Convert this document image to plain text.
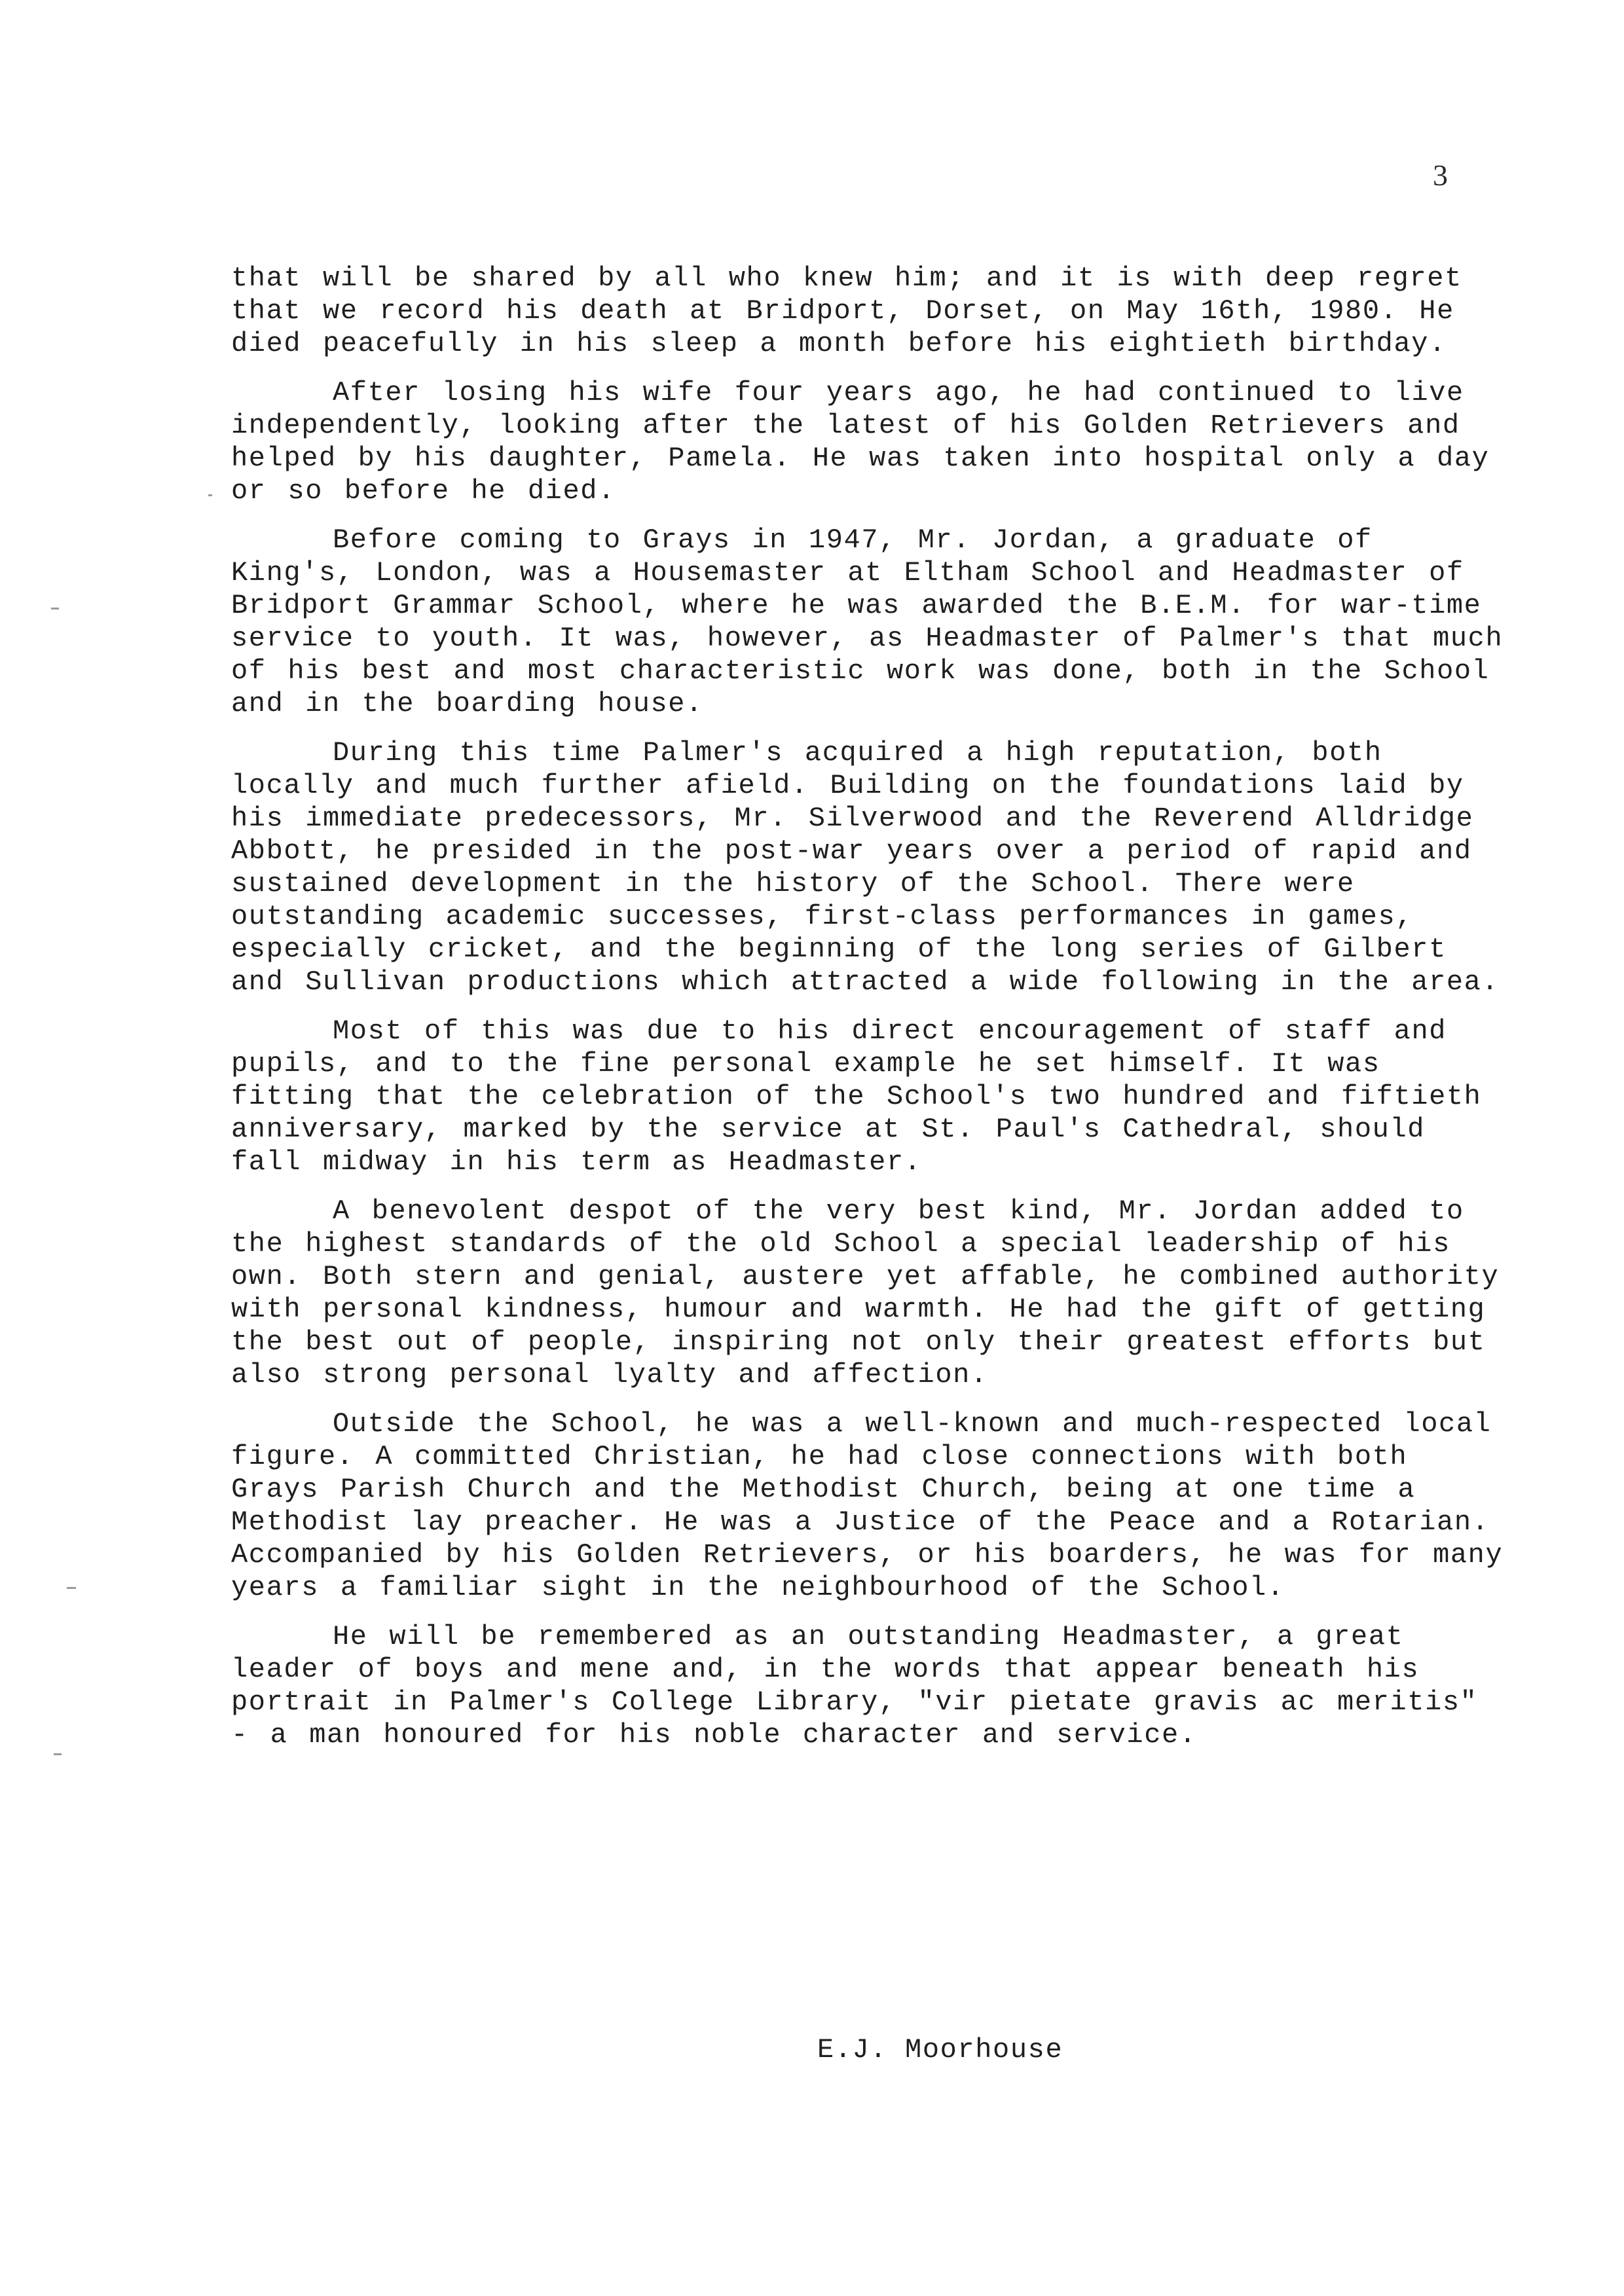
3

that will be shared by all who knew him; and it is with deep regret that we record his death at Bridport, Dorset, on May 16th, 1980. He died peacefully in his sleep a month before his eightieth birthday.

After losing his wife four years ago, he had continued to live independently, looking after the latest of his Golden Retrievers and helped by his daughter, Pamela. He was taken into hospital only a day or so before he died.

Before coming to Grays in 1947, Mr. Jordan, a graduate of King's, London, was a Housemaster at Eltham School and Headmaster of Bridport Grammar School, where he was awarded the B.E.M. for war-time service to youth. It was, however, as Headmaster of Palmer's that much of his best and most characteristic work was done, both in the School and in the boarding house.

During this time Palmer's acquired a high reputation, both locally and much further afield. Building on the foundations laid by his immediate predecessors, Mr. Silverwood and the Reverend Alldridge Abbott, he presided in the post-war years over a period of rapid and sustained development in the history of the School. There were outstanding academic successes, first-class performances in games, especially cricket, and the beginning of the long series of Gilbert and Sullivan productions which attracted a wide following in the area.

Most of this was due to his direct encouragement of staff and pupils, and to the fine personal example he set himself. It was fitting that the celebration of the School's two hundred and fiftieth anniversary, marked by the service at St. Paul's Cathedral, should fall midway in his term as Headmaster.

A benevolent despot of the very best kind, Mr. Jordan added to the highest standards of the old School a special leadership of his own. Both stern and genial, austere yet affable, he combined authority with personal kindness, humour and warmth. He had the gift of getting the best out of people, inspiring not only their greatest efforts but also strong personal lyalty and affection.

Outside the School, he was a well-known and much-respected local figure. A committed Christian, he had close connections with both Grays Parish Church and the Methodist Church, being at one time a Methodist lay preacher. He was a Justice of the Peace and a Rotarian. Accompanied by his Golden Retrievers, or his boarders, he was for many years a familiar sight in the neighbourhood of the School.

He will be remembered as an outstanding Headmaster, a great leader of boys and mene and, in the words that appear beneath his portrait in Palmer's College Library, "vir pietate gravis ac meritis" - a man honoured for his noble character and service.

E.J. Moorhouse
